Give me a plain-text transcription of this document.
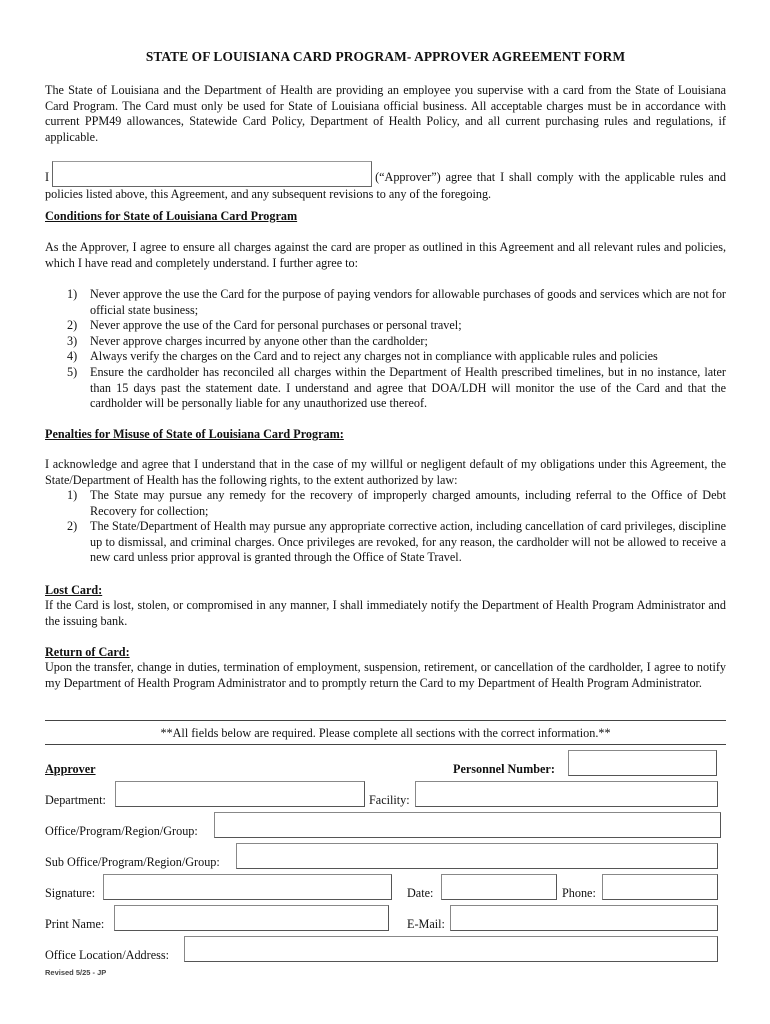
STATE OF LOUISIANA CARD PROGRAM- APPROVER AGREEMENT FORM
The State of Louisiana and the Department of Health are providing an employee you supervise with a card from the State of Louisiana Card Program. The Card must only be used for State of Louisiana official business. All acceptable charges must be in accordance with current PPM49 allowances, Statewide Card Policy, Department of Health Policy, and all current purchasing rules and regulations, if applicable.
I	(“Approver”) agree that I shall comply with the applicable rules and policies listed above, this Agreement, and any subsequent revisions to any of the foregoing.
Conditions for State of Louisiana Card Program
As the Approver, I agree to ensure all charges against the card are proper as outlined in this Agreement and all relevant rules and policies, which I have read and completely understand. I further agree to:
1) Never approve the use the Card for the purpose of paying vendors for allowable purchases of goods and services which are not for official state business;
2) Never approve the use of the Card for personal purchases or personal travel;
3) Never approve charges incurred by anyone other than the cardholder;
4) Always verify the charges on the Card and to reject any charges not in compliance with applicable rules and policies
5) Ensure the cardholder has reconciled all charges within the Department of Health prescribed timelines, but in no instance, later than 15 days past the statement date. I understand and agree that DOA/LDH will monitor the use of the Card and that the cardholder will be personally liable for any unauthorized use thereof.
Penalties for Misuse of State of Louisiana Card Program:
I acknowledge and agree that I understand that in the case of my willful or negligent default of my obligations under this Agreement, the State/Department of Health has the following rights, to the extent authorized by law:
1) The State may pursue any remedy for the recovery of improperly charged amounts, including referral to the Office of Debt Recovery for collection;
2) The State/Department of Health may pursue any appropriate corrective action, including cancellation of card privileges, discipline up to dismissal, and criminal charges. Once privileges are revoked, for any reason, the cardholder will not be allowed to receive a new card unless prior approval is granted through the Office of State Travel.
Lost Card:
If the Card is lost, stolen, or compromised in any manner, I shall immediately notify the Department of Health Program Administrator and the issuing bank.
Return of Card:
Upon the transfer, change in duties, termination of employment, suspension, retirement, or cancellation of the cardholder, I agree to notify my Department of Health Program Administrator and to promptly return the Card to my Department of Health Program Administrator.
**All fields below are required. Please complete all sections with the correct information.**
Approver	Personnel Number:
Department:	Facility:
Office/Program/Region/Group:
Sub Office/Program/Region/Group:
Signature:	Date:	Phone:
Print Name:	E-Mail:
Office Location/Address:
Revised 5/25 - JP
